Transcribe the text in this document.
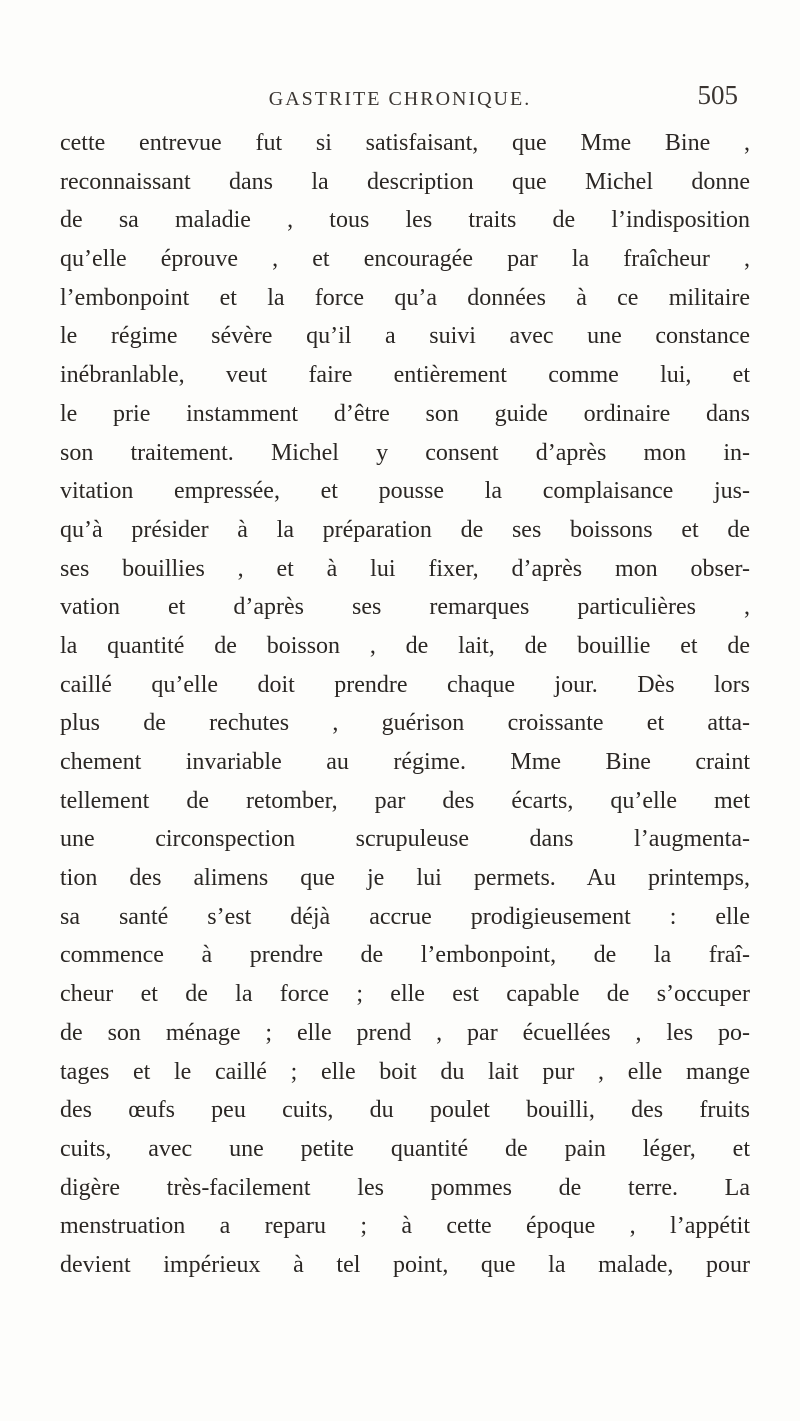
GASTRITE CHRONIQUE.	505
cette entrevue fut si satisfaisant, que Mme Bine ,
reconnaissant dans la description que Michel donne
de sa maladie , tous les traits de l’indisposition
qu’elle éprouve , et encouragée par la fraîcheur ,
l’embonpoint et la force qu’a données à ce militaire
le régime sévère qu’il a suivi avec une constance
inébranlable, veut faire entièrement comme lui, et
le prie instamment d’être son guide ordinaire dans
son traitement. Michel y consent d’après mon in-
vitation empressée, et pousse la complaisance jus-
qu’à présider à la préparation de ses boissons et de
ses bouillies , et à lui fixer, d’après mon obser-
vation et d’après ses remarques particulières ,
la quantité de boisson , de lait, de bouillie et de
caillé qu’elle doit prendre chaque jour. Dès lors
plus de rechutes , guérison croissante et atta-
chement invariable au régime. Mme Bine craint
tellement de retomber, par des écarts, qu’elle met
une circonspection scrupuleuse dans l’augmenta-
tion des alimens que je lui permets. Au printemps,
sa santé s’est déjà accrue prodigieusement : elle
commence à prendre de l’embonpoint, de la fraî-
cheur et de la force ; elle est capable de s’occuper
de son ménage ; elle prend , par écuellées , les po-
tages et le caillé ; elle boit du lait pur , elle mange
des œufs peu cuits, du poulet bouilli, des fruits
cuits, avec une petite quantité de pain léger, et
digère très-facilement les pommes de terre. La
menstruation a reparu ; à cette époque , l’appétit
devient impérieux à tel point, que la malade, pour
